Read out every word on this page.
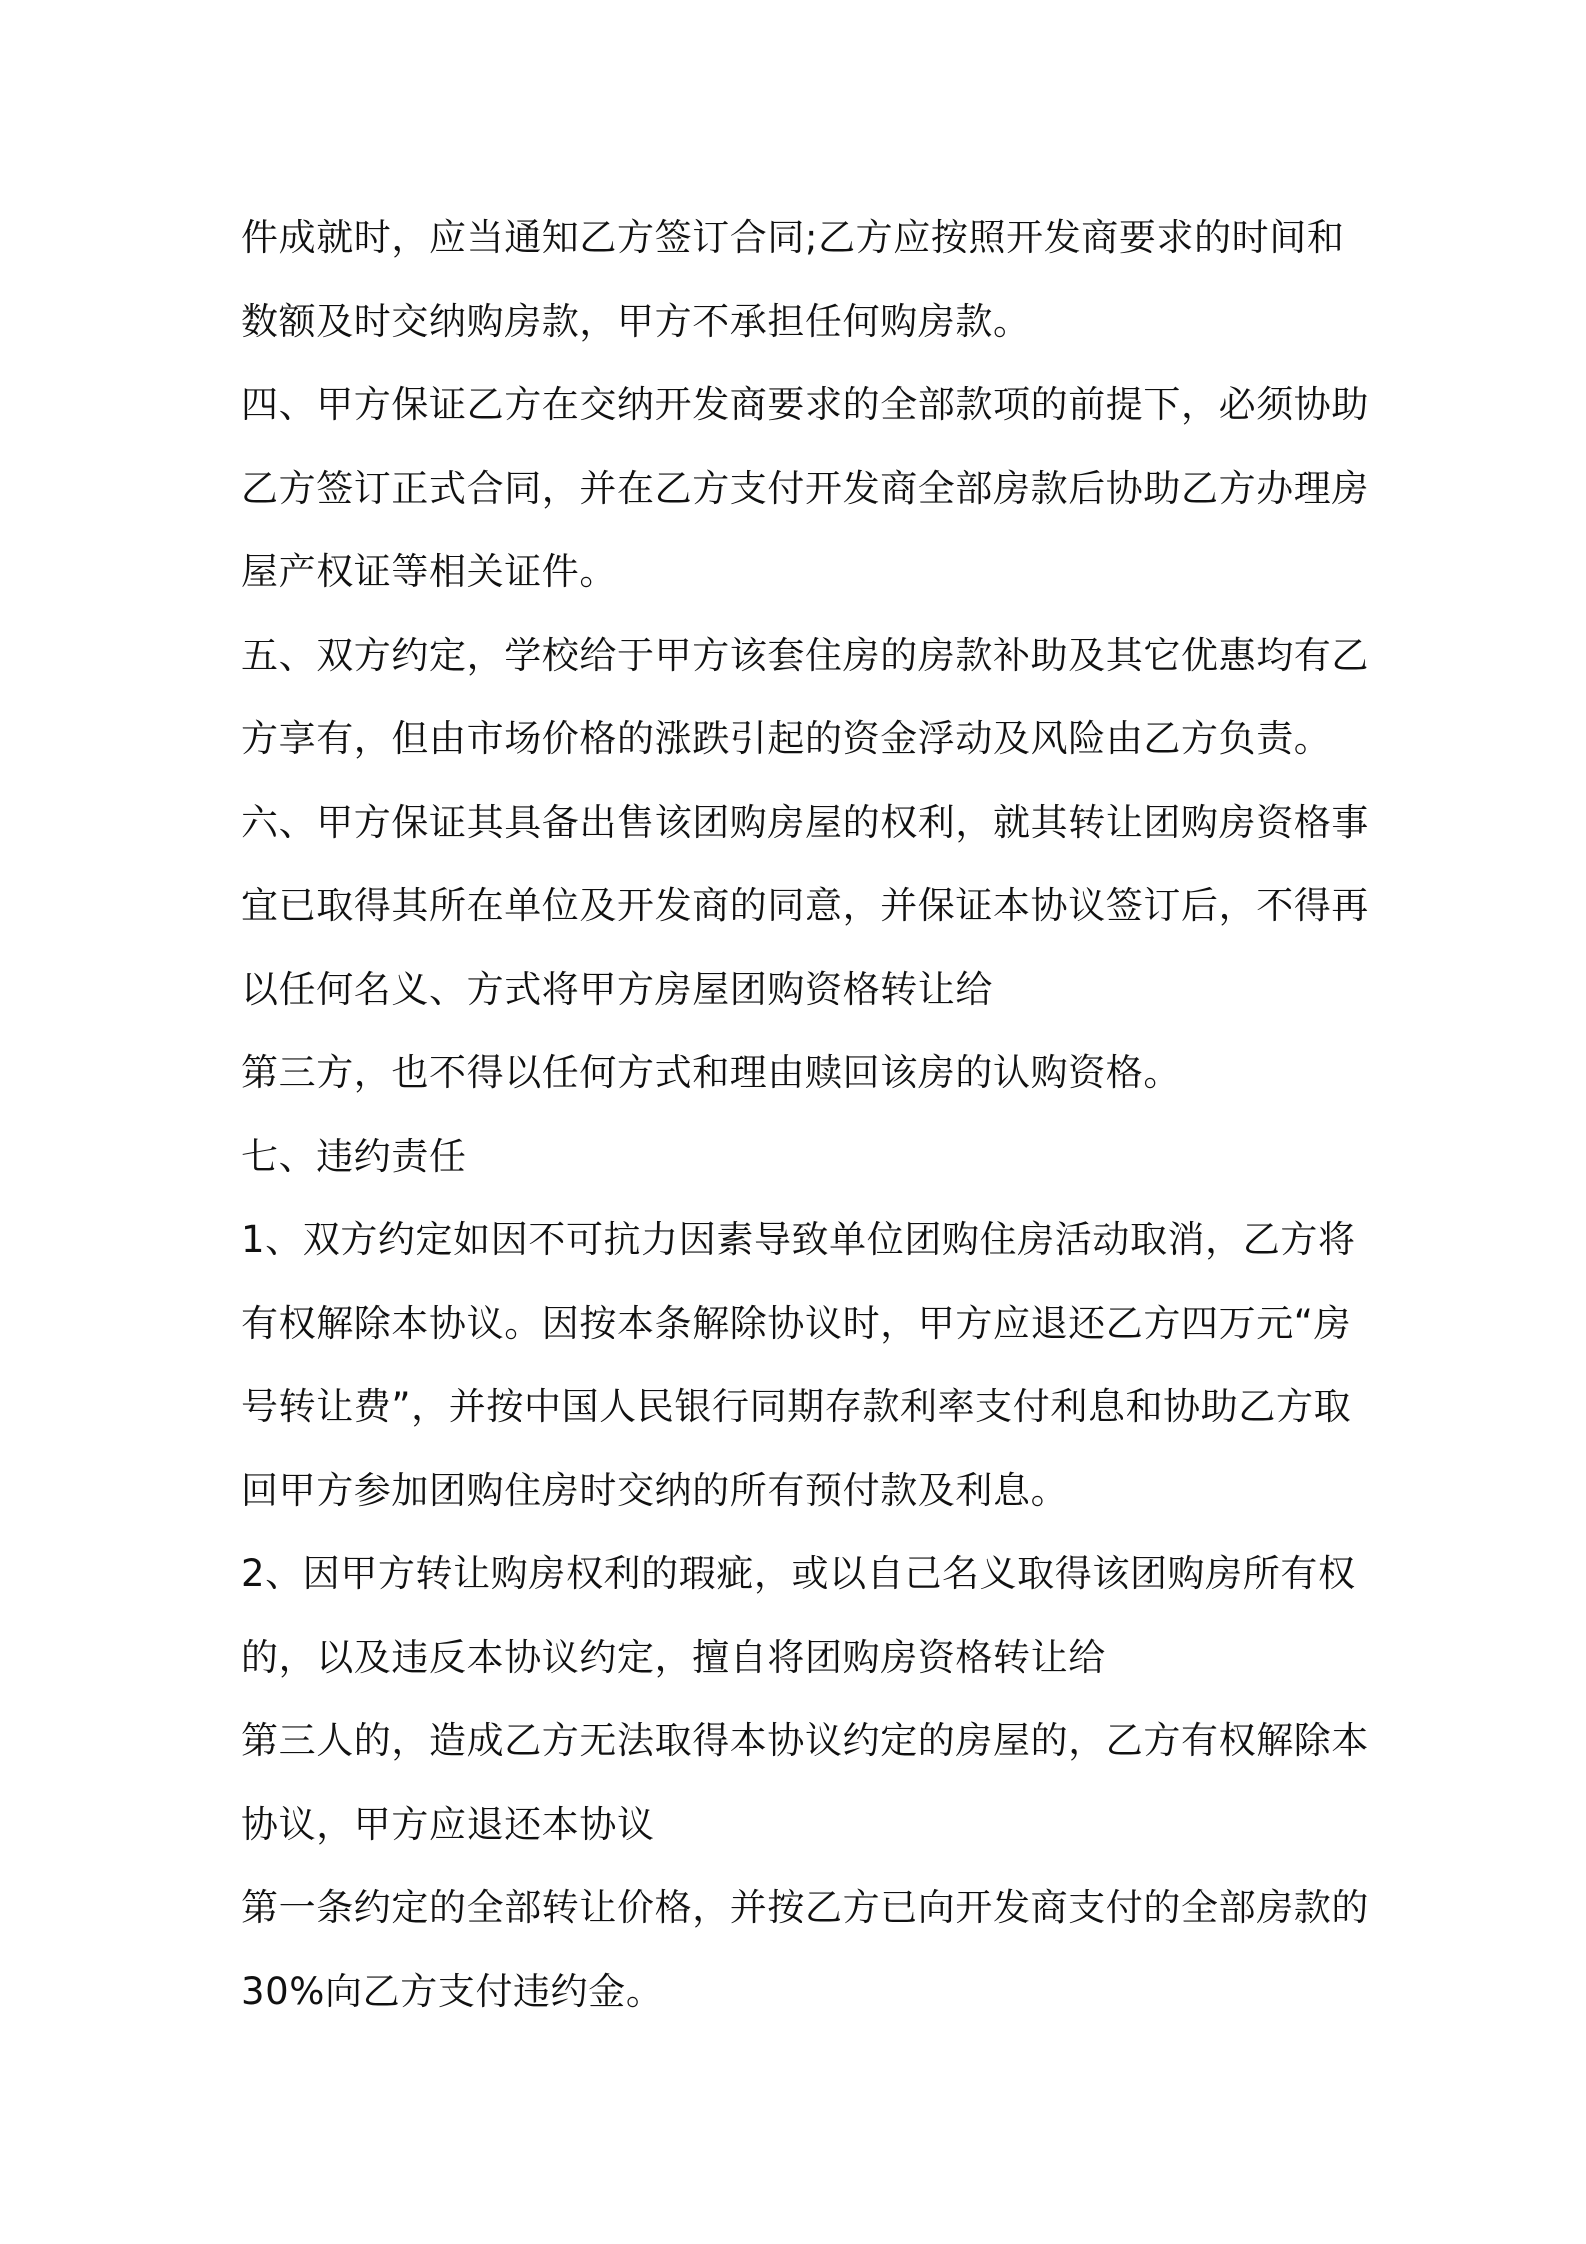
件成就时，应当通知乙方签订合同;乙方应按照开发商要求的时间和
数额及时交纳购房款，甲方不承担任何购房款。
四、甲方保证乙方在交纳开发商要求的全部款项的前提下，必须协助
乙方签订正式合同，并在乙方支付开发商全部房款后协助乙方办理房
屋产权证等相关证件。
五、双方约定，学校给于甲方该套住房的房款补助及其它优惠均有乙
方享有，但由市场价格的涨跌引起的资金浮动及风险由乙方负责。
六、甲方保证其具备出售该团购房屋的权利，就其转让团购房资格事
宜已取得其所在单位及开发商的同意，并保证本协议签订后，不得再
以任何名义、方式将甲方房屋团购资格转让给
第三方，也不得以任何方式和理由赎回该房的认购资格。
七、违约责任
1、双方约定如因不可抗力因素导致单位团购住房活动取消，乙方将
有权解除本协议。因按本条解除协议时，甲方应退还乙方四万元“房
号转让费”，并按中国人民银行同期存款利率支付利息和协助乙方取
回甲方参加团购住房时交纳的所有预付款及利息。
2、因甲方转让购房权利的瑕疵，或以自己名义取得该团购房所有权
的，以及违反本协议约定，擅自将团购房资格转让给
第三人的，造成乙方无法取得本协议约定的房屋的，乙方有权解除本
协议，甲方应退还本协议
第一条约定的全部转让价格，并按乙方已向开发商支付的全部房款的
30%向乙方支付违约金。
